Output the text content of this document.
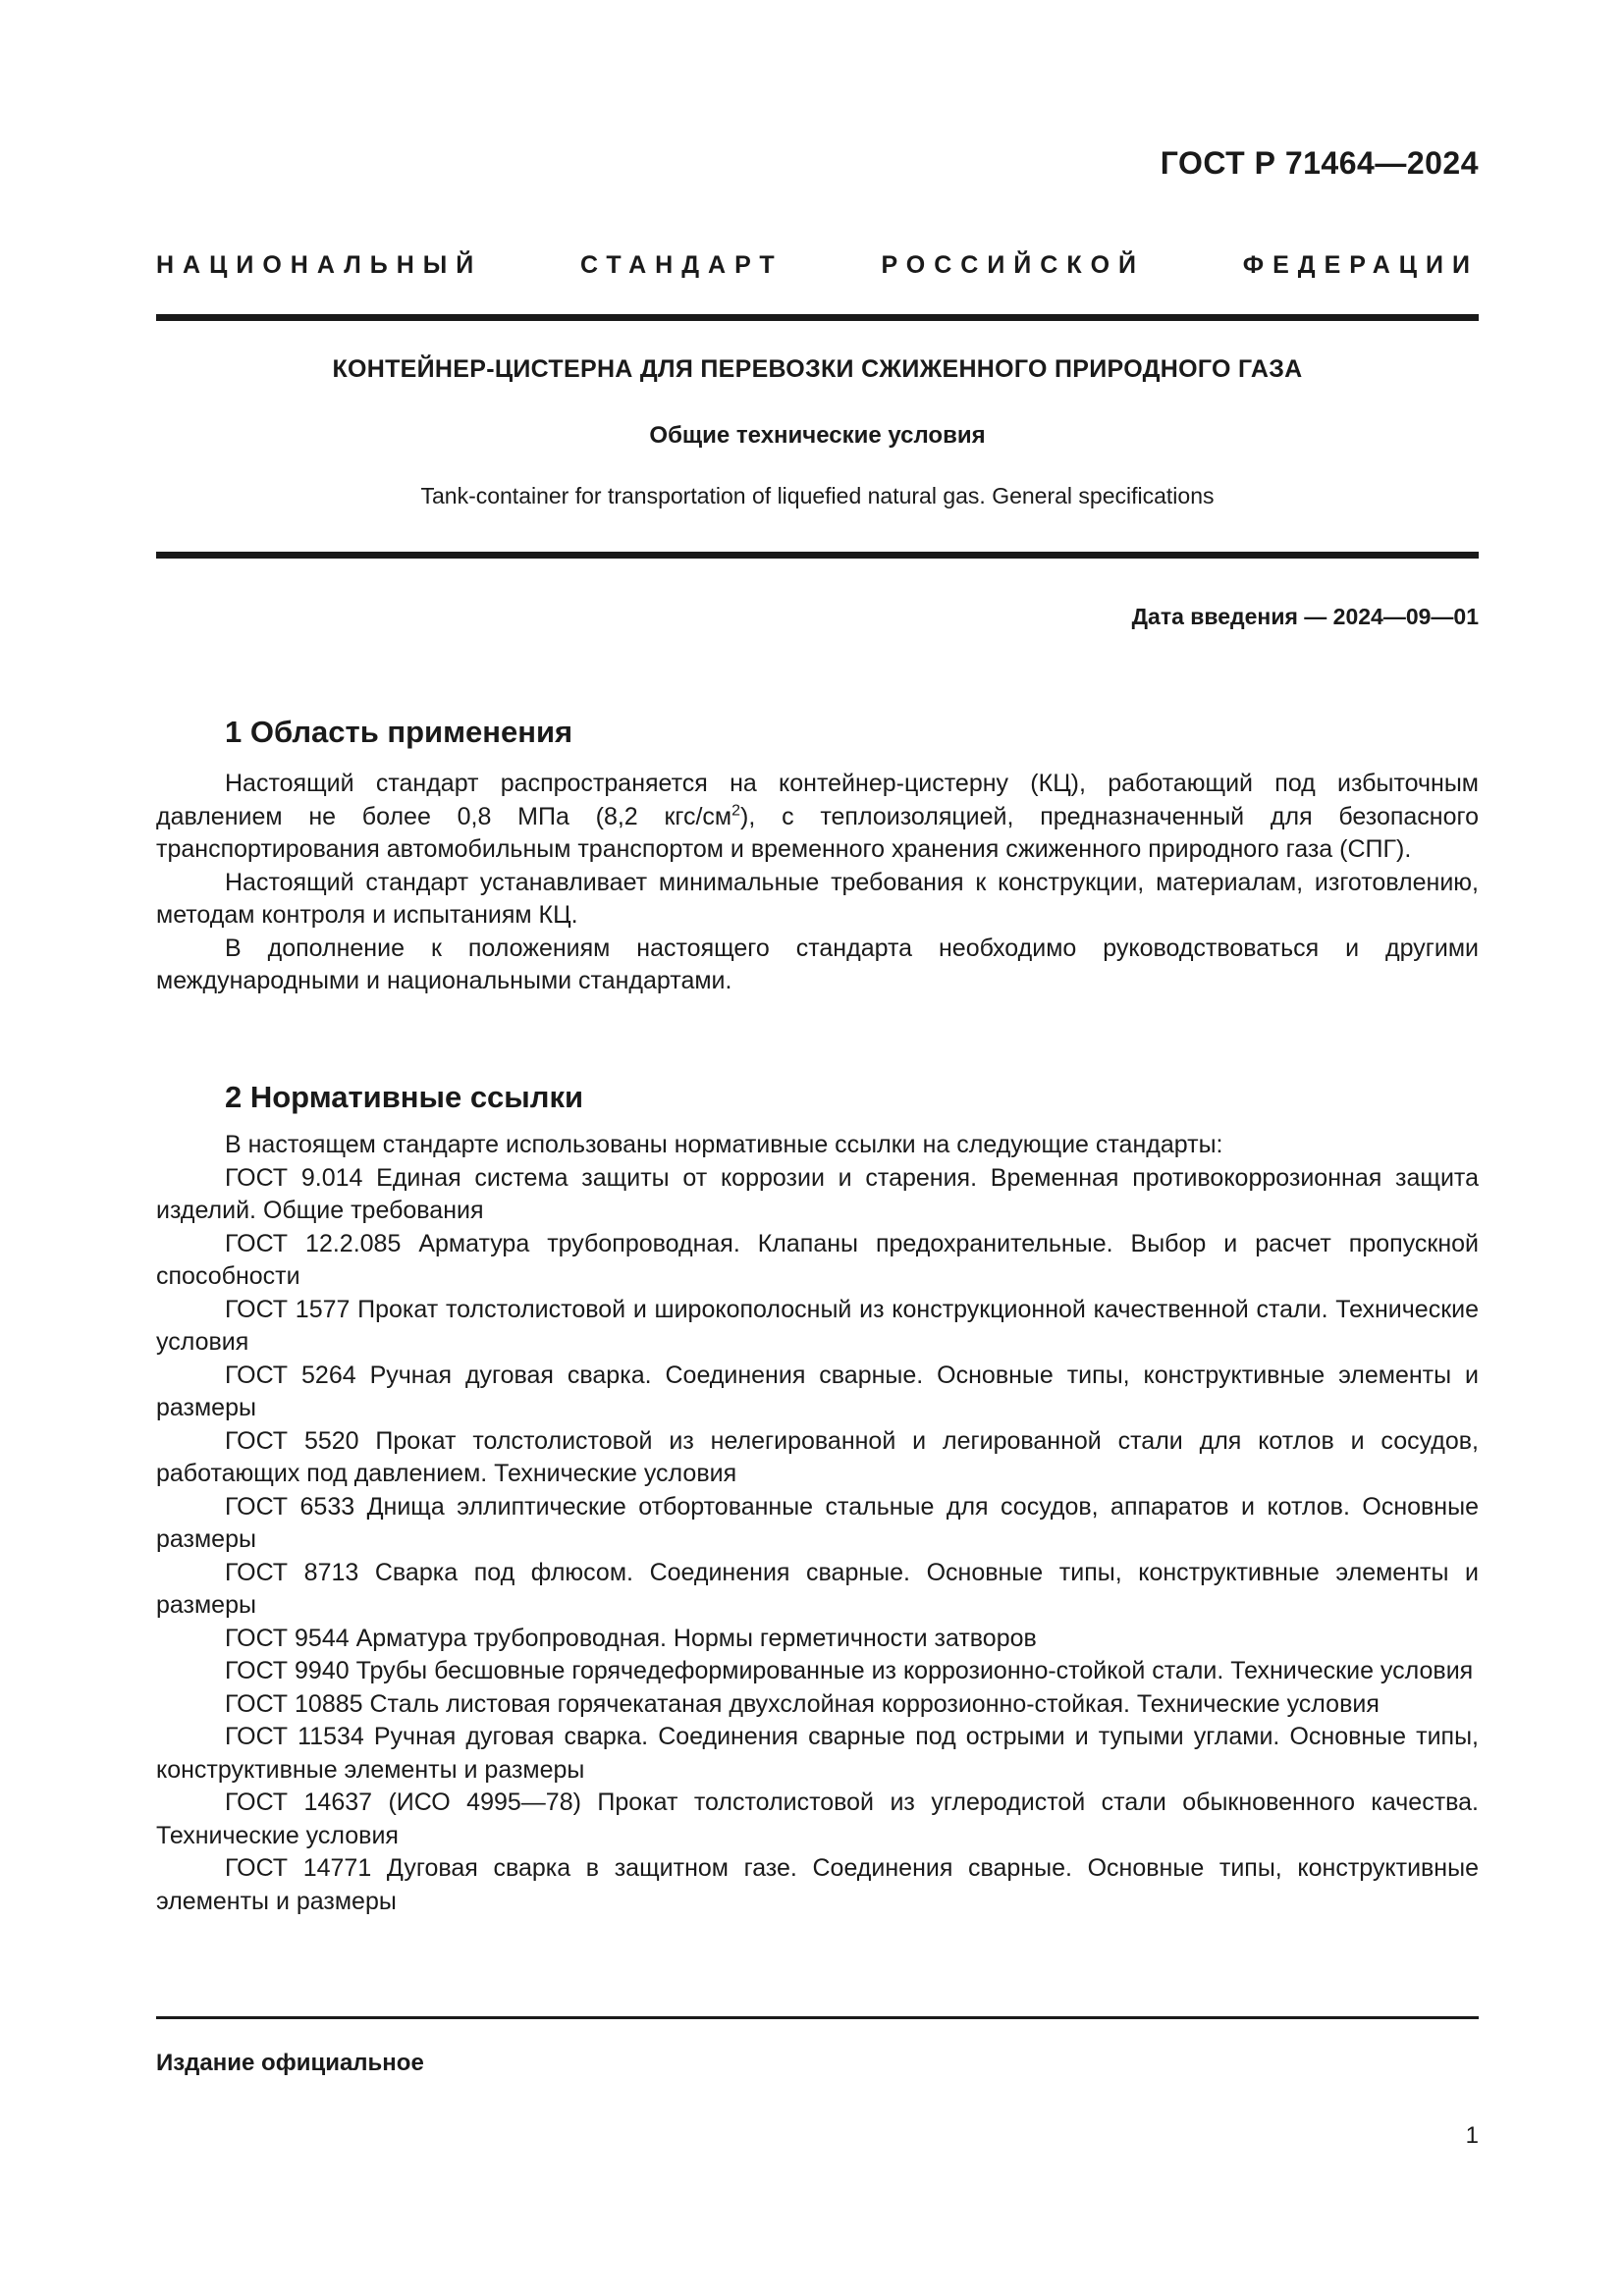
ГОСТ Р 71464—2024
НАЦИОНАЛЬНЫЙ СТАНДАРТ РОССИЙСКОЙ ФЕДЕРАЦИИ
КОНТЕЙНЕР-ЦИСТЕРНА ДЛЯ ПЕРЕВОЗКИ СЖИЖЕННОГО ПРИРОДНОГО ГАЗА
Общие технические условия
Tank-container for transportation of liquefied natural gas. General specifications
Дата введения — 2024—09—01
1 Область применения

Настоящий стандарт распространяется на контейнер-цистерну (КЦ), работающий под избыточным давлением не более 0,8 МПа (8,2 кгс/$см^2$), с теплоизоляцией, предназначенный для безопасного транспортирования автомобильным транспортом и временного хранения сжиженного природного газа (СПГ).

Настоящий стандарт устанавливает минимальные требования к конструкции, материалам, изготовлению, методам контроля и испытаниям КЦ.

В дополнение к положениям настоящего стандарта необходимо руководствоваться и другими международными и национальными стандартами.

2 Нормативные ссылки

В настоящем стандарте использованы нормативные ссылки на следующие стандарты:

ГОСТ 9.014 Единая система защиты от коррозии и старения. Временная противокоррозионная защита изделий. Общие требования

ГОСТ 12.2.085 Арматура трубопроводная. Клапаны предохранительные. Выбор и расчет пропускной способности

ГОСТ 1577 Прокат толстолистовой и широкополосный из конструкционной качественной стали. Технические условия

ГОСТ 5264 Ручная дуговая сварка. Соединения сварные. Основные типы, конструктивные элементы и размеры

ГОСТ 5520 Прокат толстолистовой из нелегированной и легированной стали для котлов и сосудов, работающих под давлением. Технические условия

ГОСТ 6533 Днища эллиптические отбортованные стальные для сосудов, аппаратов и котлов. Основные размеры

ГОСТ 8713 Сварка под флюсом. Соединения сварные. Основные типы, конструктивные элементы и размеры

ГОСТ 9544 Арматура трубопроводная. Нормы герметичности затворов

ГОСТ 9940 Трубы бесшовные горячедеформированные из коррозионно-стойкой стали. Технические условия

ГОСТ 10885 Сталь листовая горячекатаная двухслойная коррозионно-стойкая. Технические условия

ГОСТ 11534 Ручная дуговая сварка. Соединения сварные под острыми и тупыми углами. Основные типы, конструктивные элементы и размеры

ГОСТ 14637 (ИСО 4995—78) Прокат толстолистовой из углеродистой стали обыкновенного качества. Технические условия

ГОСТ 14771 Дуговая сварка в защитном газе. Соединения сварные. Основные типы, конструктивные элементы и размеры

Издание официальное
1
